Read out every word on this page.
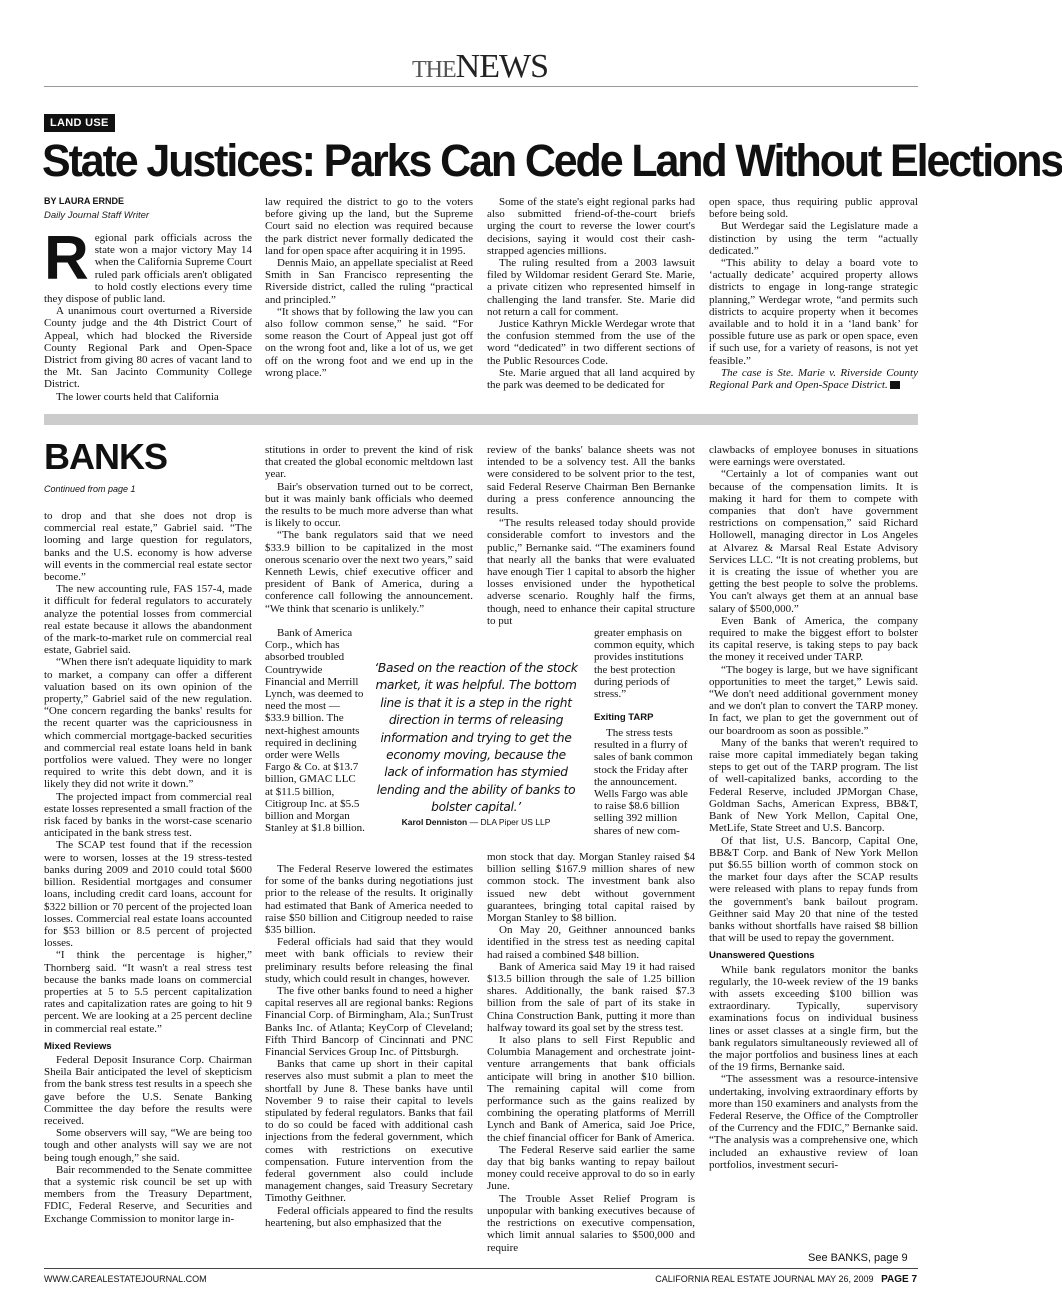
THENEWS
LAND USE
State Justices: Parks Can Cede Land Without Elections
BY LAURA ERNDE
Daily Journal Staff Writer

Regional park officials across the state won a major victory May 14 when the California Supreme Court ruled park officials aren't obligated to hold costly elections every time they dispose of public land.

A unanimous court overturned a Riverside County judge and the 4th District Court of Appeal, which had blocked the Riverside County Regional Park and Open-Space District from giving 80 acres of vacant land to the Mt. San Jacinto Community College District.

The lower courts held that California

law required the district to go to the voters before giving up the land, but the Supreme Court said no election was required because the park district never formally dedicated the land for open space after acquiring it in 1995.

Dennis Maio, an appellate specialist at Reed Smith in San Francisco representing the Riverside district, called the ruling “practical and principled.”

“It shows that by following the law you can also follow common sense,” he said. “For some reason the Court of Appeal just got off on the wrong foot and, like a lot of us, we get off on the wrong foot and we end up in the wrong place.”

Some of the state's eight regional parks had also submitted friend-of-the-court briefs urging the court to reverse the lower court's decisions, saying it would cost their cash-strapped agencies millions.

The ruling resulted from a 2003 lawsuit filed by Wildomar resident Gerard Ste. Marie, a private citizen who represented himself in challenging the land transfer. Ste. Marie did not return a call for comment.

Justice Kathryn Mickle Werdegar wrote that the confusion stemmed from the use of the word “dedicated” in two different sections of the Public Resources Code.

Ste. Marie argued that all land acquired by the park was deemed to be dedicated for

open space, thus requiring public approval before being sold.

But Werdegar said the Legislature made a distinction by using the term “actually dedicated.”

“This ability to delay a board vote to ‘actually dedicate’ acquired property allows districts to engage in long-range strategic planning,” Werdegar wrote, “and permits such districts to acquire property when it becomes available and to hold it in a ‘land bank’ for possible future use as park or open space, even if such use, for a variety of reasons, is not yet feasible.”

The case is Ste. Marie v. Riverside County Regional Park and Open-Space District.

BANKS
Continued from page 1

to drop and that she does not drop is commercial real estate,” Gabriel said. “The looming and large question for regulators, banks and the U.S. economy is how adverse will events in the commercial real estate sector become.”

The new accounting rule, FAS 157-4, made it difficult for federal regulators to accurately analyze the potential losses from commercial real estate because it allows the abandonment of the mark-to-market rule on commercial real estate, Gabriel said.

“When there isn't adequate liquidity to mark to market, a company can offer a different valuation based on its own opinion of the property,” Gabriel said of the new regulation. “One concern regarding the banks' results for the recent quarter was the capriciousness in which commercial mortgage-backed securities and commercial real estate loans held in bank portfolios were valued. They were no longer required to write this debt down, and it is likely they did not write it down.”

The projected impact from commercial real estate losses represented a small fraction of the risk faced by banks in the worst-case scenario anticipated in the bank stress test.

The SCAP test found that if the recession were to worsen, losses at the 19 stress-tested banks during 2009 and 2010 could total $600 billion. Residential mortgages and consumer loans, including credit card loans, account for $322 billion or 70 percent of the projected loan losses. Commercial real estate loans accounted for $53 billion or 8.5 percent of projected losses.

“I think the percentage is higher,” Thornberg said. “It wasn't a real stress test because the banks made loans on commercial properties at 5 to 5.5 percent capitalization rates and capitalization rates are going to hit 9 percent. We are looking at a 25 percent decline in commercial real estate.”

Mixed Reviews

Federal Deposit Insurance Corp. Chairman Sheila Bair anticipated the level of skepticism from the bank stress test results in a speech she gave before the U.S. Senate Banking Committee the day before the results were received.

Some observers will say, “We are being too tough and other analysts will say we are not being tough enough,” she said.

Bair recommended to the Senate committee that a systemic risk council be set up with members from the Treasury Department, FDIC, Federal Reserve, and Securities and Exchange Commission to monitor large in-

stitutions in order to prevent the kind of risk that created the global economic meltdown last year.

Bair's observation turned out to be correct, but it was mainly bank officials who deemed the results to be much more adverse than what is likely to occur.

“The bank regulators said that we need $33.9 billion to be capitalized in the most onerous scenario over the next two years,” said Kenneth Lewis, chief executive officer and president of Bank of America, during a conference call following the announcement. “We think that scenario is unlikely.”

Bank of America Corp., which has absorbed troubled Countrywide Financial and Merrill Lynch, was deemed to need the most — $33.9 billion. The next-highest amounts required in declining order were Wells Fargo & Co. at $13.7 billion, GMAC LLC at $11.5 billion, Citigroup Inc. at $5.5 billion and Morgan Stanley at $1.8 billion.

The Federal Reserve lowered the estimates for some of the banks during negotiations just prior to the release of the results. It originally had estimated that Bank of America needed to raise $50 billion and Citigroup needed to raise $35 billion.

Federal officials had said that they would meet with bank officials to review their preliminary results before releasing the final study, which could result in changes, however.

The five other banks found to need a higher capital reserves all are regional banks: Regions Financial Corp. of Birmingham, Ala.; SunTrust Banks Inc. of Atlanta; KeyCorp of Cleveland; Fifth Third Bancorp of Cincinnati and PNC Financial Services Group Inc. of Pittsburgh.

Banks that came up short in their capital reserves also must submit a plan to meet the shortfall by June 8. These banks have until November 9 to raise their capital to levels stipulated by federal regulators. Banks that fail to do so could be faced with additional cash injections from the federal government, which comes with restrictions on executive compensation. Future intervention from the federal government also could include management changes, said Treasury Secretary Timothy Geithner.

Federal officials appeared to find the results heartening, but also emphasized that the

review of the banks' balance sheets was not intended to be a solvency test. All the banks were considered to be solvent prior to the test, said Federal Reserve Chairman Ben Bernanke during a press conference announcing the results.

“The results released today should provide considerable comfort to investors and the public,” Bernanke said. “The examiners found that nearly all the banks that were evaluated have enough Tier 1 capital to absorb the higher losses envisioned under the hypothetical adverse scenario. Roughly half the firms, though, need to enhance their capital structure to put

greater emphasis on common equity, which provides institutions the best protection during periods of stress.”

Exiting TARP

The stress tests resulted in a flurry of sales of bank common stock the Friday after the announcement. Wells Fargo was able to raise $8.6 billion selling 392 million shares of new com-

mon stock that day. Morgan Stanley raised $4 billion selling $167.9 million shares of new common stock. The investment bank also issued new debt without government guarantees, bringing total capital raised by Morgan Stanley to $8 billion.

On May 20, Geithner announced banks identified in the stress test as needing capital had raised a combined $48 billion.

Bank of America said May 19 it had raised $13.5 billion through the sale of 1.25 billion shares. Additionally, the bank raised $7.3 billion from the sale of part of its stake in China Construction Bank, putting it more than halfway toward its goal set by the stress test.

It also plans to sell First Republic and Columbia Management and orchestrate joint-venture arrangements that bank officials anticipate will bring in another $10 billion. The remaining capital will come from performance such as the gains realized by combining the operating platforms of Merrill Lynch and Bank of America, said Joe Price, the chief financial officer for Bank of America.

The Federal Reserve said earlier the same day that big banks wanting to repay bailout money could receive approval to do so in early June.

The Trouble Asset Relief Program is unpopular with banking executives because of the restrictions on executive compensation, which limit annual salaries to $500,000 and require

clawbacks of employee bonuses in situations were earnings were overstated.

“Certainly a lot of companies want out because of the compensation limits. It is making it hard for them to compete with companies that don't have government restrictions on compensation,” said Richard Hollowell, managing director in Los Angeles at Alvarez & Marsal Real Estate Advisory Services LLC. “It is not creating problems, but it is creating the issue of whether you are getting the best people to solve the problems. You can't always get them at an annual base salary of $500,000.”

Even Bank of America, the company required to make the biggest effort to bolster its capital reserve, is taking steps to pay back the money it received under TARP.

“The bogey is large, but we have significant opportunities to meet the target,” Lewis said. “We don't need additional government money and we don't plan to convert the TARP money. In fact, we plan to get the government out of our boardroom as soon as possible.”

Many of the banks that weren't required to raise more capital immediately began taking steps to get out of the TARP program. The list of well-capitalized banks, according to the Federal Reserve, included JPMorgan Chase, Goldman Sachs, American Express, BB&T, Bank of New York Mellon, Capital One, MetLife, State Street and U.S. Bancorp.

Of that list, U.S. Bancorp, Capital One, BB&T Corp. and Bank of New York Mellon put $6.55 billion worth of common stock on the market four days after the SCAP results were released with plans to repay funds from the government's bank bailout program. Geithner said May 20 that nine of the tested banks without shortfalls have raised $8 billion that will be used to repay the government.

Unanswered Questions

While bank regulators monitor the banks regularly, the 10-week review of the 19 banks with assets exceeding $100 billion was extraordinary. Typically, supervisory examinations focus on individual business lines or asset classes at a single firm, but the bank regulators simultaneously reviewed all of the major portfolios and business lines at each of the 19 firms, Bernanke said.

“The assessment was a resource-intensive undertaking, involving extraordinary efforts by more than 150 examiners and analysts from the Federal Reserve, the Office of the Comptroller of the Currency and the FDIC,” Bernanke said. “The analysis was a comprehensive one, which included an exhaustive review of loan portfolios, investment securi-

‘Based on the reaction of the stock market, it was helpful. The bottom line is that it is a step in the right direction in terms of releasing information and trying to get the economy moving, because the lack of information has stymied lending and the ability of banks to bolster capital.’
Karol Denniston — DLA Piper US LLP
See BANKS, page 9
WWW.CAREALESTATEJOURNAL.COM	CALIFORNIA REAL ESTATE JOURNAL MAY 26, 2009 PAGE 7
